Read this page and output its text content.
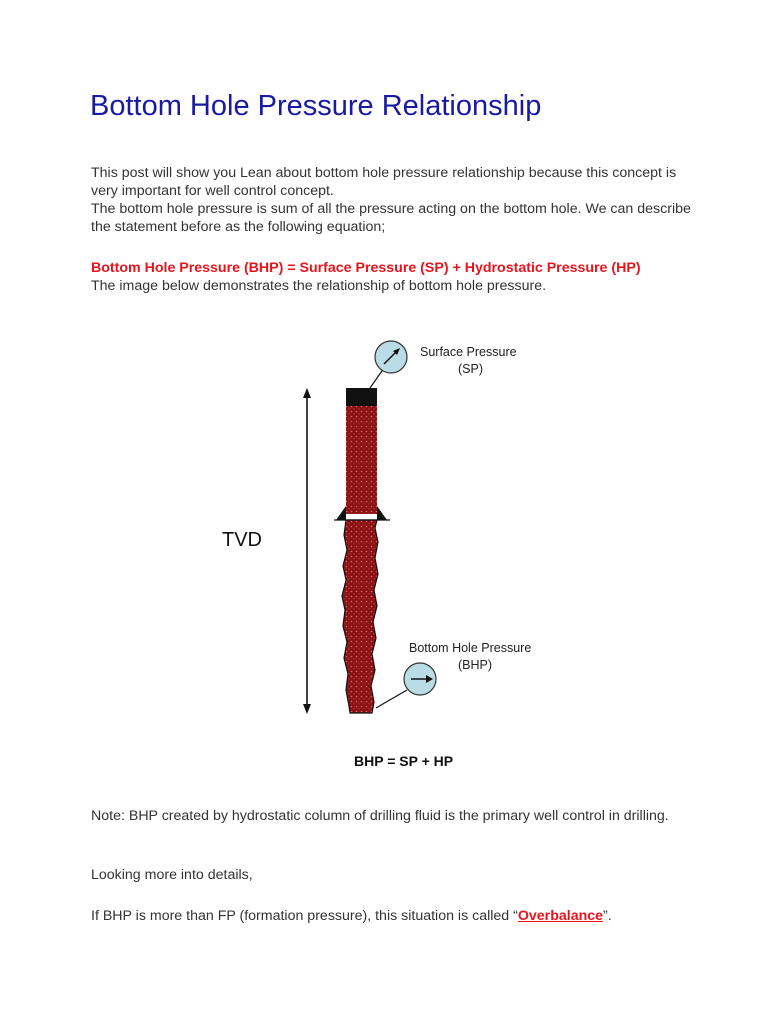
Bottom Hole Pressure Relationship

This post will show you Lean about bottom hole pressure relationship because this concept is very important for well control concept.
The bottom hole pressure is sum of all the pressure acting on the bottom hole. We can describe the statement before as the following equation;

Bottom Hole Pressure (BHP) = Surface Pressure (SP) + Hydrostatic Pressure (HP)
The image below demonstrates the relationship of bottom hole pressure.

TVD
Surface Pressure
(SP)
Bottom Hole Pressure
(BHP)
BHP = SP + HP

Note: BHP created by hydrostatic column of drilling fluid is the primary well control in drilling.

Looking more into details,

If BHP is more than FP (formation pressure), this situation is called “Overbalance”.
